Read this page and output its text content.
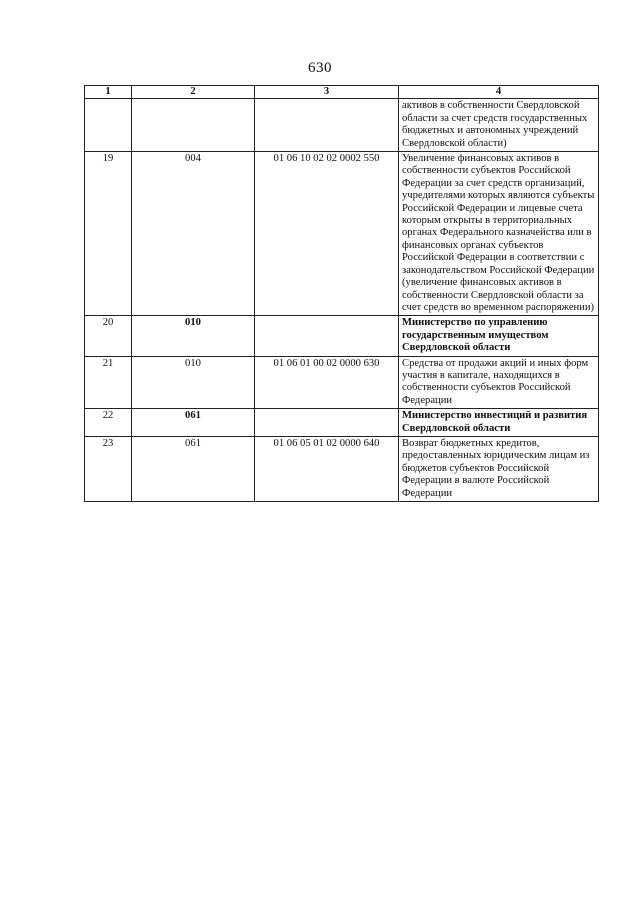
630
1	2	3	4
			активов в собственности Свердловской области за счет средств государственных бюджетных и автономных учреждений Свердловской области)
19	004	01 06 10 02 02 0002 550	Увеличение финансовых активов в собственности субъектов Российской Федерации за счет средств организаций, учредителями которых являются субъекты Российской Федерации и лицевые счета которым открыты в территориальных органах Федерального казначейства или в финансовых органах субъектов Российской Федерации в соответствии с законодательством Российской Федерации (увеличение финансовых активов в собственности Свердловской области за счет средств во временном распоряжении)
20	010		Министерство по управлению государственным имуществом Свердловской области
21	010	01 06 01 00 02 0000 630	Средства от продажи акций и иных форм участия в капитале, находящихся в собственности субъектов Российской Федерации
22	061		Министерство инвестиций и развития Свердловской области
23	061	01 06 05 01 02 0000 640	Возврат бюджетных кредитов, предоставленных юридическим лицам из бюджетов субъектов Российской Федерации в валюте Российской Федерации
